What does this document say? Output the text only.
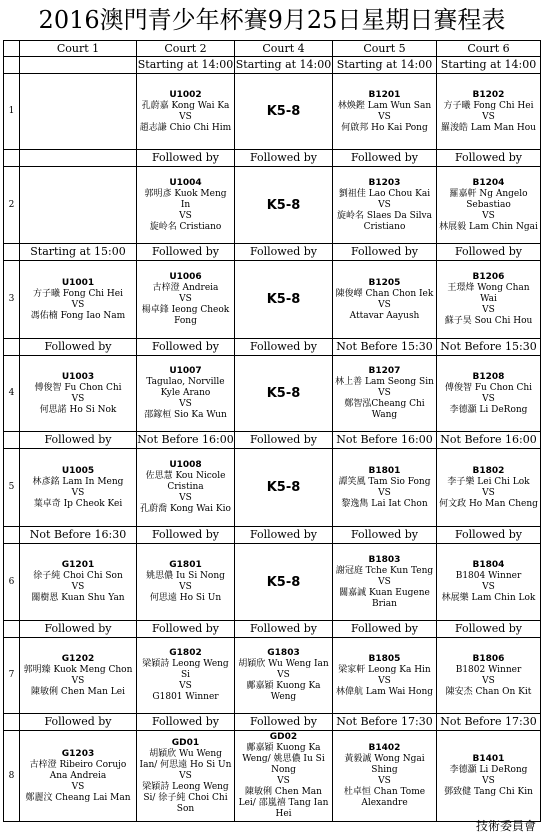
2016澳門青少年杯賽9月25日星期日賽程表
	Court 1	Court 2	Court 4	Court 5	Court 6
		Starting at 14:00	Starting at 14:00	Starting at 14:00	Starting at 14:00
1		U1002
孔蔚嘉 Kong Wai Ka
VS
趙志謙 Chio Chi Him	K5-8	B1201
林煥鏗 Lam Wun San
VS
何啟邦 Ho Kai Pong	B1202
方子曦 Fong Chi Hei
VS
羅浚皓 Lam Man Hou

		Followed by	Followed by	Followed by	Followed by
2		U1004
郭明彥 Kuok Meng In
VS
旋岭名 Cristiano	K5-8	B1203
劉祖佳 Lao Chou Kai
VS
旋岭名 Slaes Da Silva Cristiano	B1204
羅嘉軒 Ng Angelo Sebastiao
VS
林展毅 Lam Chin Ngai

	Starting at 15:00	Followed by	Followed by	Followed by	Followed by
3	U1001
方子曦 Fong Chi Hei
VS
馮佑楠 Fong Iao Nam	U1006
古梓澄 Andreia
VS
楊卓鋒 Ieong Cheok Fong	K5-8	B1205
陳俊嶧 Chan Chon Iek
VS
Attavar Aayush	B1206
王璟烽 Wong Chan Wai
VS
蘇子昊 Sou Chi Hou

	Followed by	Followed by	Followed by	Not Before 15:30	Not Before 15:30
4	U1003
傅俊智 Fu Chon Chi
VS
何思諾 Ho Si Nok	U1007
Tagulao, Norville Kyle Arano
VS
邵鎵桓 Sio Ka Wun	K5-8	B1207
林上善 Lam Seong Sin
VS
鄭智泓Cheang Chi Wang	B1208
傅俊智 Fu Chon Chi
VS
李德灝 Li DeRong

	Followed by	Not Before 16:00	Followed by	Not Before 16:00	Not Before 16:00
5	U1005
林彥銘 Lam In Meng
VS
葉卓奇 Ip Cheok Kei	U1008
佐思慧 Kou Nicole Cristina
VS
孔蔚喬 Kong Wai Kio	K5-8	B1801
譚笑風 Tam Sio Fong
VS
黎逸雋 Lai Iat Chon	B1802
李子樂 Lei Chi Lok
VS
何文政 Ho Man Cheng

	Not Before 16:30	Followed by	Followed by	Followed by	Followed by
6	G1201
徐子純 Choi Chi Son
VS
關樹恩 Kuan Shu Yan	G1801
姚思儂 Iu Si Nong
VS
何思遠 Ho Si Un	K5-8	B1803
謝冠庭 Tche Kun Teng
VS
關嘉誠 Kuan Eugene Brian	B1804
B1804 Winner
VS
林展樂 Lam Chin Lok

	Followed by	Followed by	Followed by	Followed by	Followed by
7	G1202
郭明臻 Kuok Meng Chon
VS
陳敏俐 Chen Man Lei	G1802
梁穎詩 Leong Weng Si
VS
G1801 Winner	G1803
胡穎欣 Wu Weng Ian
VS
鄺嘉穎 Kuong Ka Weng	B1805
梁家軒 Leong Ka Hin
VS
林偉航 Lam Wai Hong	B1806
B1802 Winner
VS
陳安杰 Chan On Kit

	Followed by	Followed by	Followed by	Not Before 17:30	Not Before 17:30
8	G1203
古梓澄 Ribeiro Corujo Ana Andreia
VS
鄭麗汶 Cheang Lai Man	GD01
胡穎欣 Wu Weng Ian/ 何思遠 Ho Si Un
VS
梁穎詩 Leong Weng Si/ 徐子純 Choi Chi Son	GD02
鄺嘉穎 Kuong Ka Weng/ 姚思儂 Iu Si Nong
VS
陳敏俐 Chen Man Lei/ 邵嵐禧 Tang Ian Hei	B1402
黃毅誠 Wong Ngai Shing
VS
杜卓恒 Chan Tome Alexandre	B1401
李德灝 Li DeRong
VS
鄧致健 Tang Chi Kin
技術委員會
